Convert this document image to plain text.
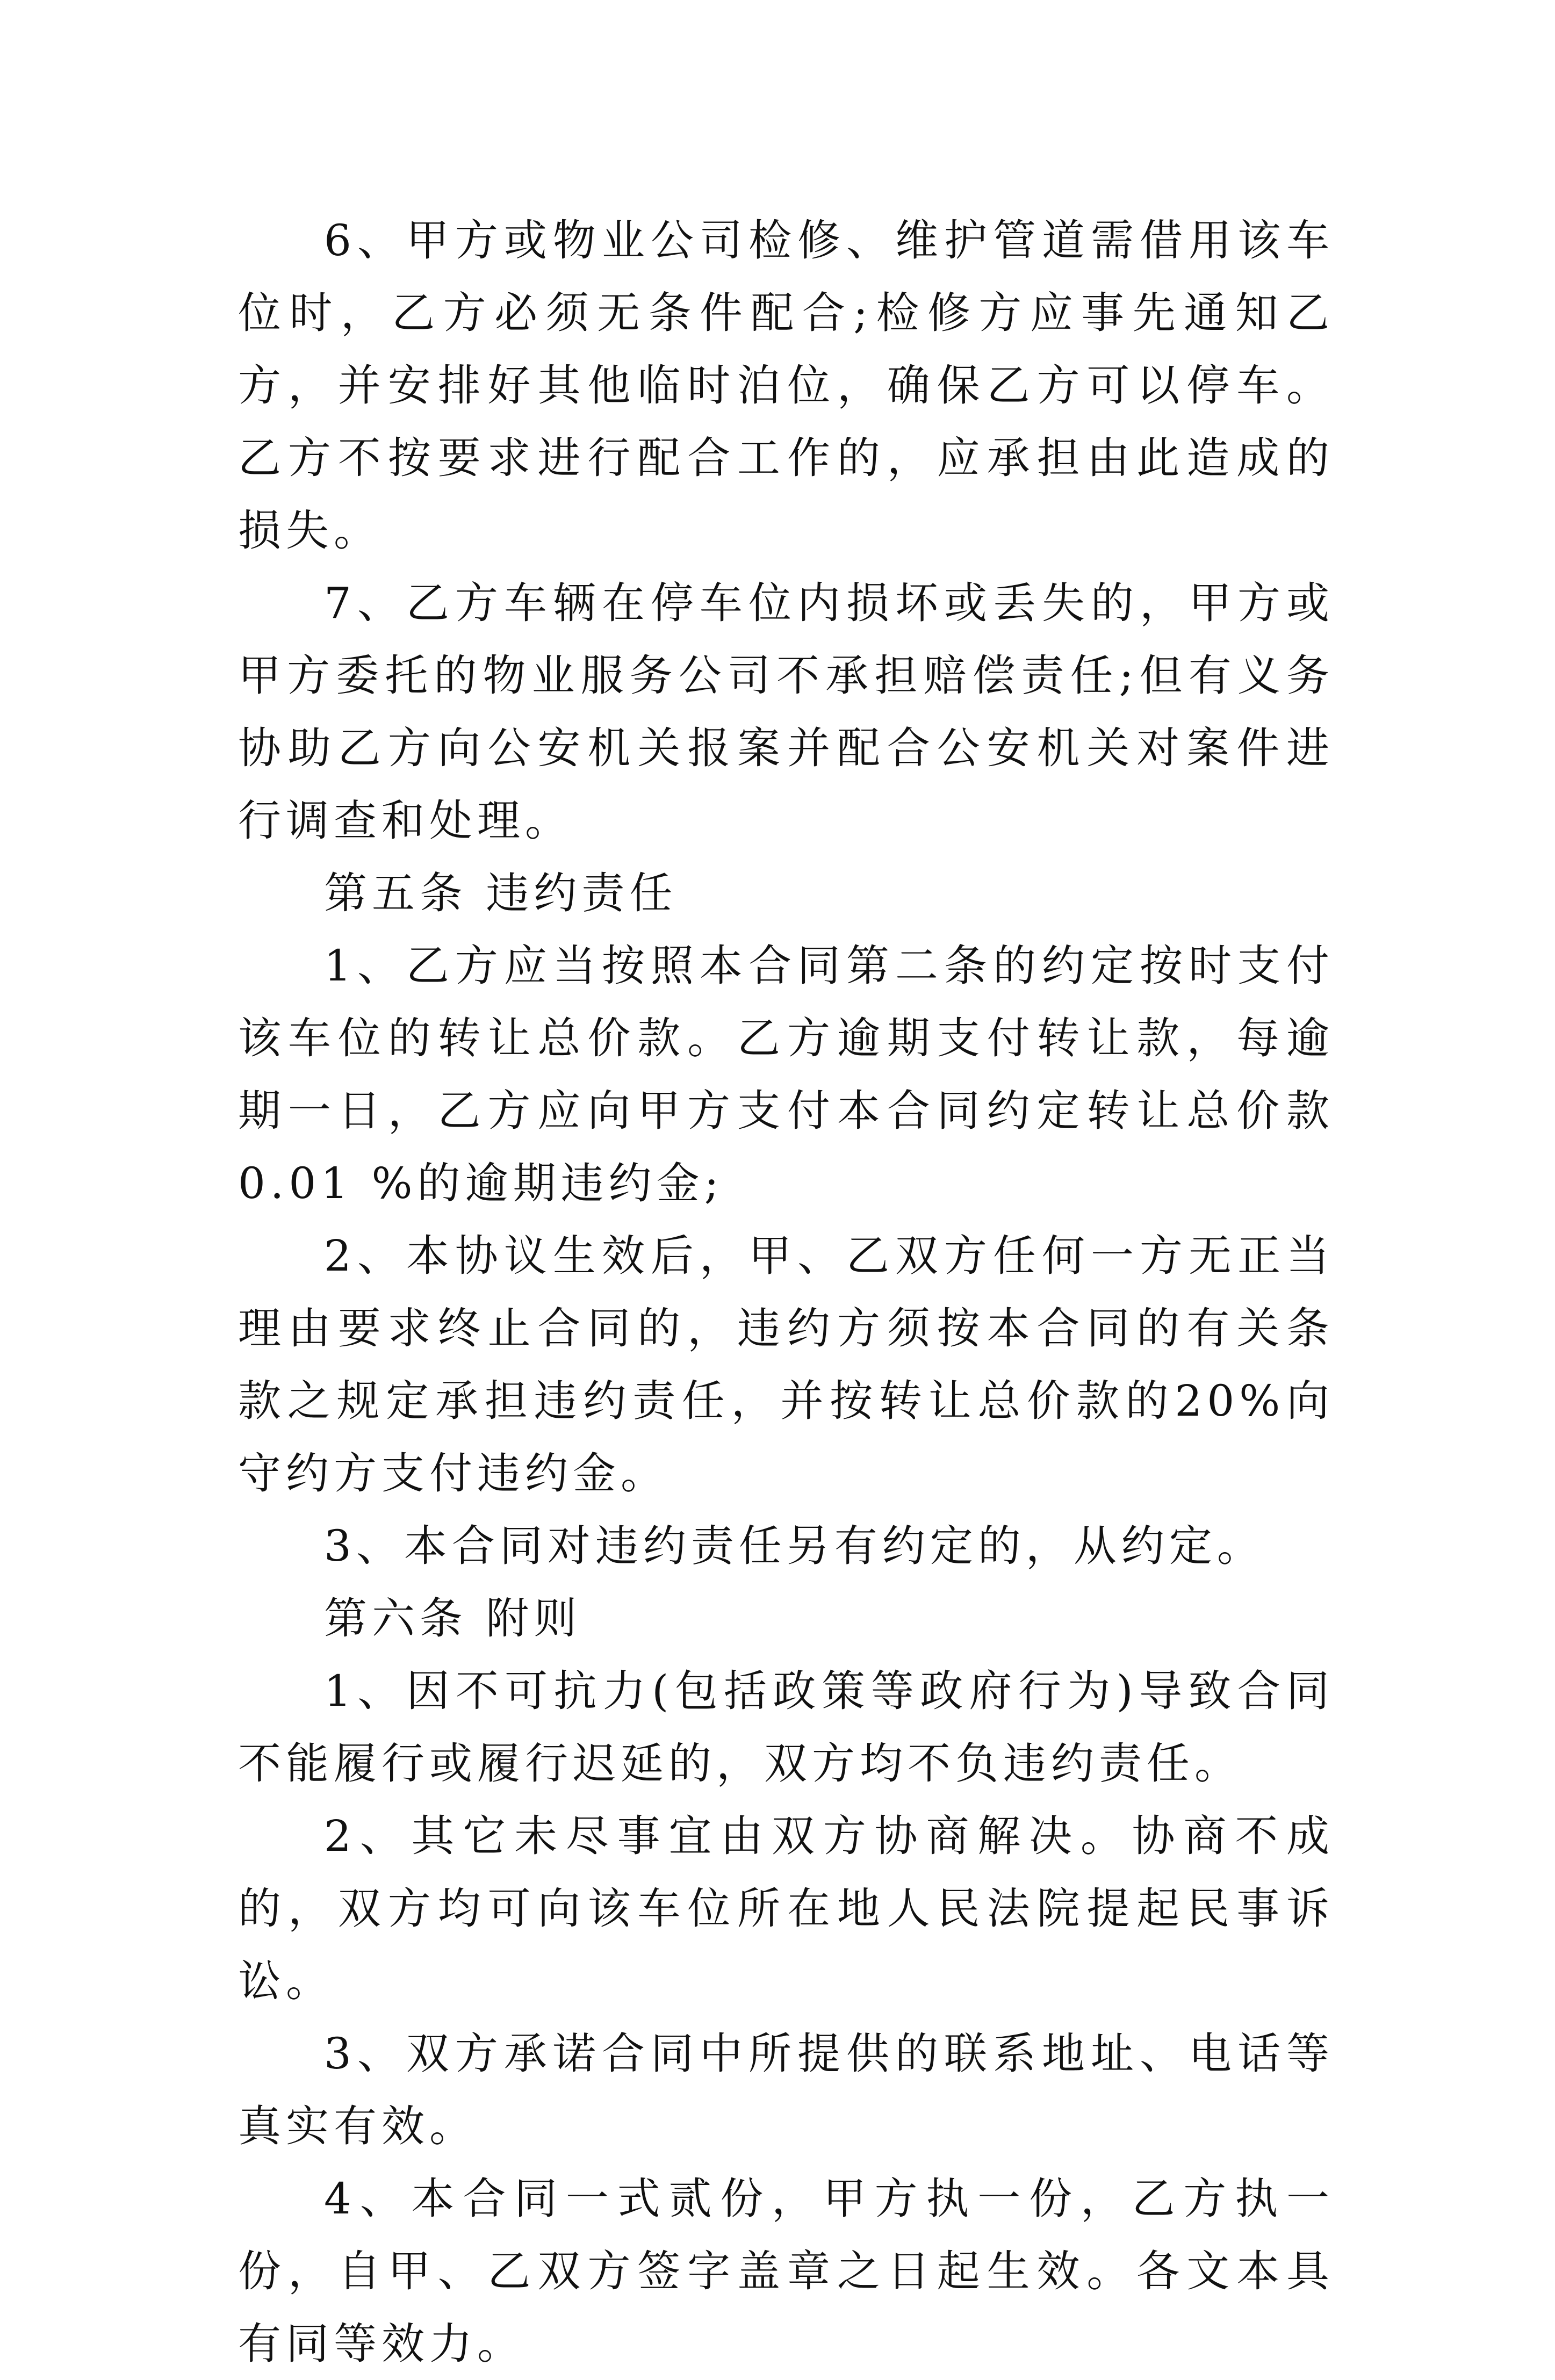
6、甲方或物业公司检修、维护管道需借用该车位时，乙方必须无条件配合;检修方应事先通知乙方，并安排好其他临时泊位，确保乙方可以停车。乙方不按要求进行配合工作的，应承担由此造成的损失。

7、乙方车辆在停车位内损坏或丢失的，甲方或甲方委托的物业服务公司不承担赔偿责任;但有义务协助乙方向公安机关报案并配合公安机关对案件进行调查和处理。

第五条 违约责任

1、乙方应当按照本合同第二条的约定按时支付该车位的转让总价款。乙方逾期支付转让款，每逾期一日，乙方应向甲方支付本合同约定转让总价款 0.01 %的逾期违约金;

2、本协议生效后，甲、乙双方任何一方无正当理由要求终止合同的，违约方须按本合同的有关条款之规定承担违约责任，并按转让总价款的20%向守约方支付违约金。

3、本合同对违约责任另有约定的，从约定。

第六条 附则

1、因不可抗力(包括政策等政府行为)导致合同不能履行或履行迟延的，双方均不负违约责任。

2、其它未尽事宜由双方协商解决。协商不成的，双方均可向该车位所在地人民法院提起民事诉讼。

3、双方承诺合同中所提供的联系地址、电话等真实有效。

4、本合同一式贰份，甲方执一份，乙方执一份，自甲、乙双方签字盖章之日起生效。各文本具有同等效力。
